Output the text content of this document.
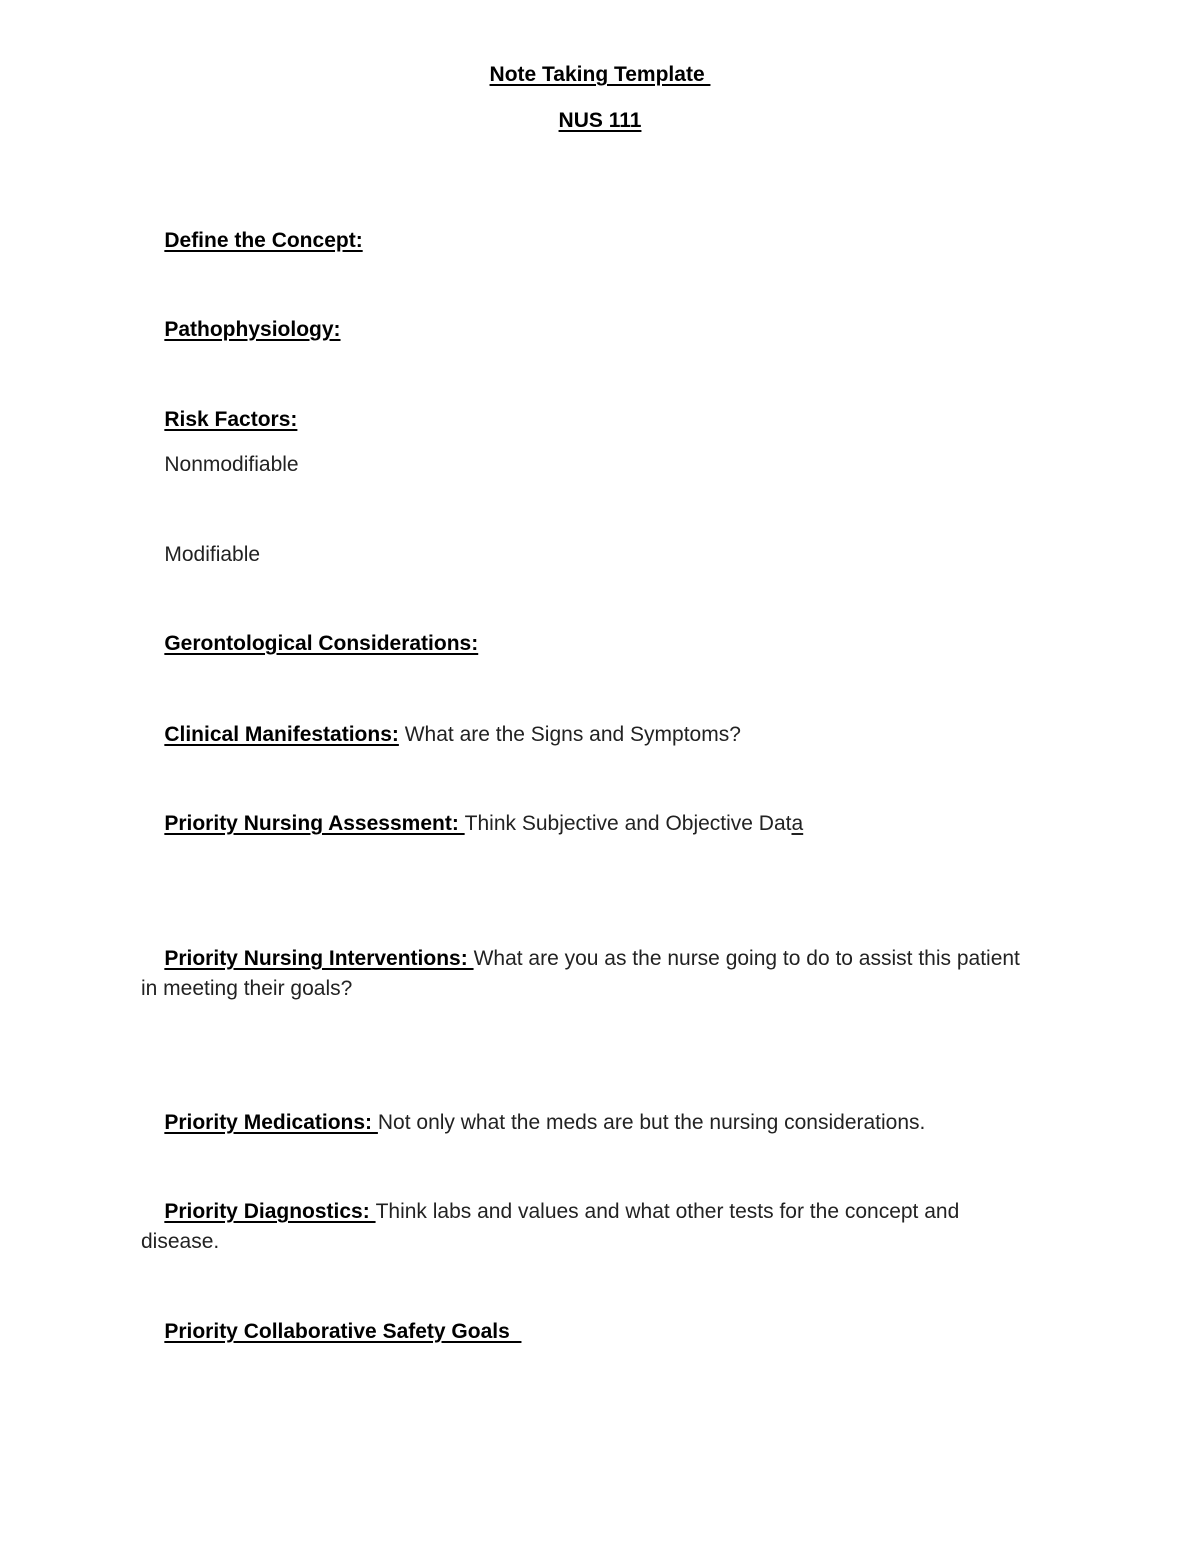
Note Taking Template
NUS 111

Define the Concept:

Pathophysiology:

Risk Factors:

Nonmodifiable

Modifiable

Gerontological Considerations:

Clinical Manifestations: What are the Signs and Symptoms?

Priority Nursing Assessment: Think Subjective and Objective Data

Priority Nursing Interventions: What are you as the nurse going to do to assist this patient in meeting their goals?

Priority Medications: Not only what the meds are but the nursing considerations.

Priority Diagnostics: Think labs and values and what other tests for the concept and disease.

Priority Collaborative Safety Goals
